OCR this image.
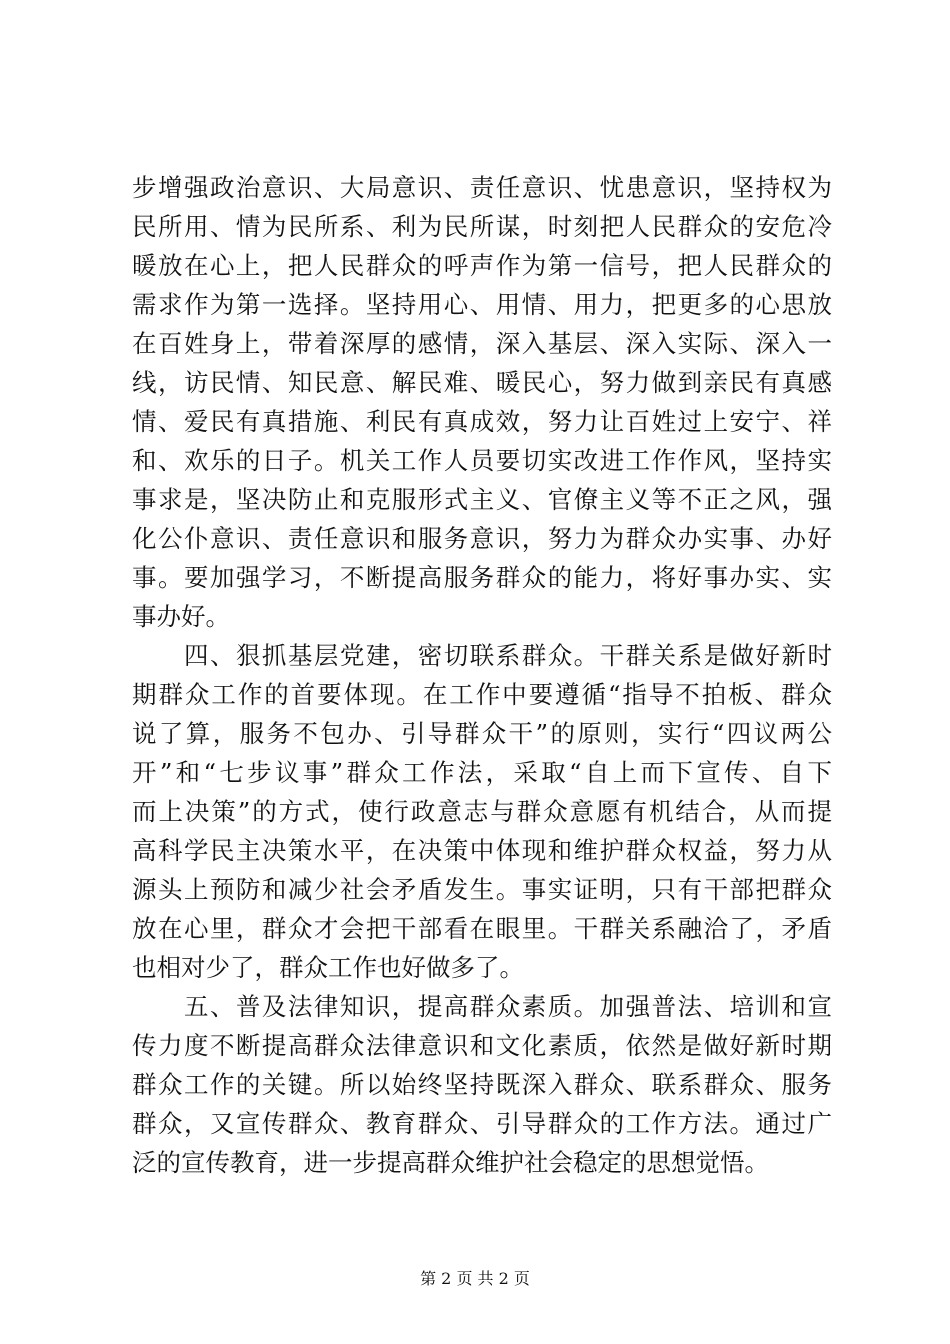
步增强政治意识、大局意识、责任意识、忧患意识，坚持权为
民所用、情为民所系、利为民所谋，时刻把人民群众的安危冷
暖放在心上，把人民群众的呼声作为第一信号，把人民群众的
需求作为第一选择。坚持用心、用情、用力，把更多的心思放
在百姓身上，带着深厚的感情，深入基层、深入实际、深入一
线，访民情、知民意、解民难、暖民心，努力做到亲民有真感
情、爱民有真措施、利民有真成效，努力让百姓过上安宁、祥
和、欢乐的日子。机关工作人员要切实改进工作作风，坚持实
事求是，坚决防止和克服形式主义、官僚主义等不正之风，强
化公仆意识、责任意识和服务意识，努力为群众办实事、办好
事。要加强学习，不断提高服务群众的能力，将好事办实、实
事办好。
　　四、狠抓基层党建，密切联系群众。干群关系是做好新时
期群众工作的首要体现。在工作中要遵循“指导不拍板、群众
说了算，服务不包办、引导群众干”的原则，实行“四议两公
开”和“七步议事”群众工作法，采取“自上而下宣传、自下
而上决策”的方式，使行政意志与群众意愿有机结合，从而提
高科学民主决策水平，在决策中体现和维护群众权益，努力从
源头上预防和减少社会矛盾发生。事实证明，只有干部把群众
放在心里，群众才会把干部看在眼里。干群关系融洽了，矛盾
也相对少了，群众工作也好做多了。
　　五、普及法律知识，提高群众素质。加强普法、培训和宣
传力度不断提高群众法律意识和文化素质，依然是做好新时期
群众工作的关键。所以始终坚持既深入群众、联系群众、服务
群众，又宣传群众、教育群众、引导群众的工作方法。通过广
泛的宣传教育，进一步提高群众维护社会稳定的思想觉悟。
第 2 页 共 2 页
